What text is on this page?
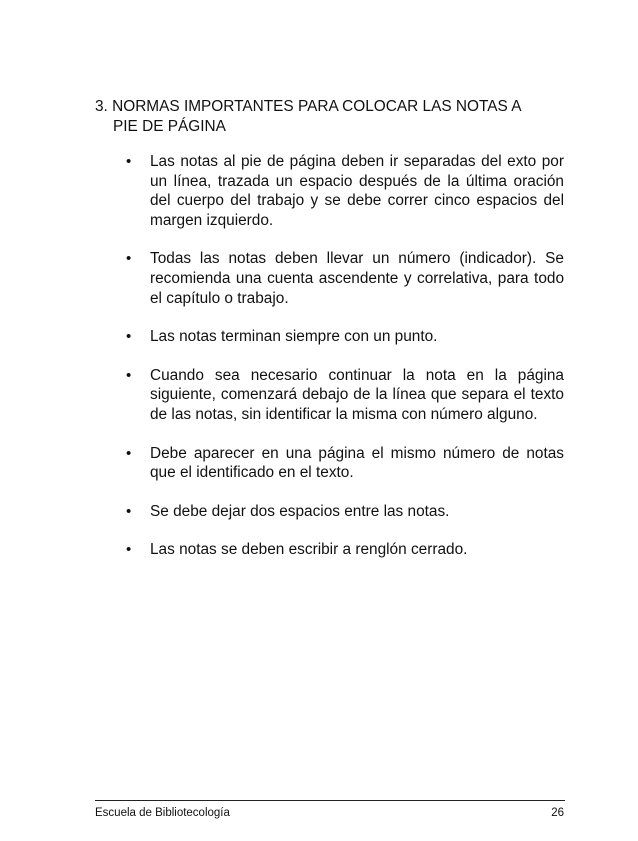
3. NORMAS IMPORTANTES PARA COLOCAR LAS NOTAS A
PIE DE PÁGINA
•	Las notas al pie de página deben ir separadas del exto por un línea, trazada un espacio después de la última oración del cuerpo del trabajo y se debe correr cinco espacios del margen izquierdo.
•	Todas las notas deben llevar un número (indicador). Se recomienda una cuenta ascendente y correlativa, para todo el capítulo o trabajo.
•	Las notas terminan siempre con un punto.
•	Cuando sea necesario continuar la nota en la página siguiente, comenzará debajo de la línea que separa el texto de las notas, sin identificar la misma con número alguno.
•	Debe aparecer en una página el mismo número de notas que el identificado en el texto.
•	Se debe dejar dos espacios entre las notas.
•	Las notas se deben escribir a renglón cerrado.
Escuela de Bibliotecología	26
